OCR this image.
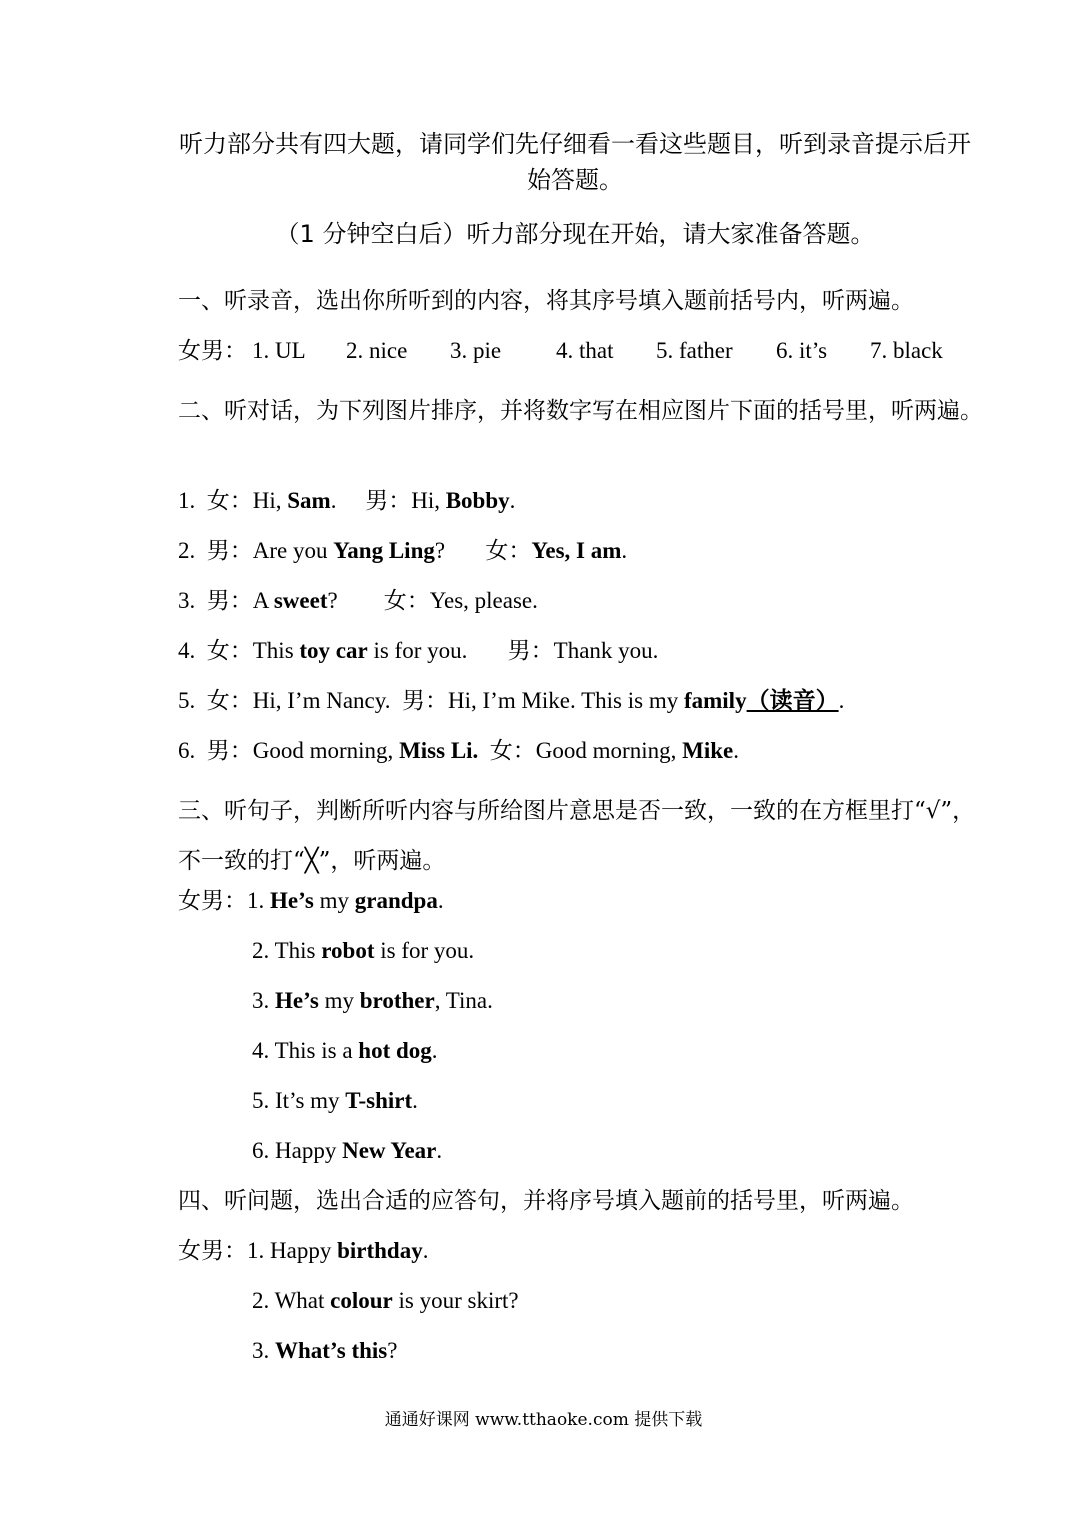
听力部分共有四大题，请同学们先仔细看一看这些题目，听到录音提示后开始答题。
（1 分钟空白后）听力部分现在开始，请大家准备答题。
一、听录音，选出你所听到的内容，将其序号填入题前括号内，听两遍。
女男： 1. UL 2. nice 3. pie 4. that 5. father 6. it’s 7. black
二、听对话，为下列图片排序，并将数字写在相应图片下面的括号里，听两遍。
1. 女：Hi, Sam. 男：Hi, Bobby.
2. 男：Are you Yang Ling? 女：Yes, I am.
3. 男：A sweet? 女：Yes, please.
4. 女：This toy car is for you. 男：Thank you.
5. 女：Hi, I’m Nancy. 男：Hi, I’m Mike. This is my family（读音）.
6. 男：Good morning, Miss Li. 女：Good morning, Mike.
三、听句子，判断所听内容与所给图片意思是否一致，一致的在方框里打“√”，不一致的打“╳”，听两遍。
女男：1. He’s my grandpa.
2. This robot is for you.
3. He’s my brother, Tina.
4. This is a hot dog.
5. It’s my T-shirt.
6. Happy New Year.
四、听问题，选出合适的应答句，并将序号填入题前的括号里，听两遍。
女男：1. Happy birthday.
2. What colour is your skirt?
3. What’s this?
通通好课网 www.tthaoke.com 提供下载
